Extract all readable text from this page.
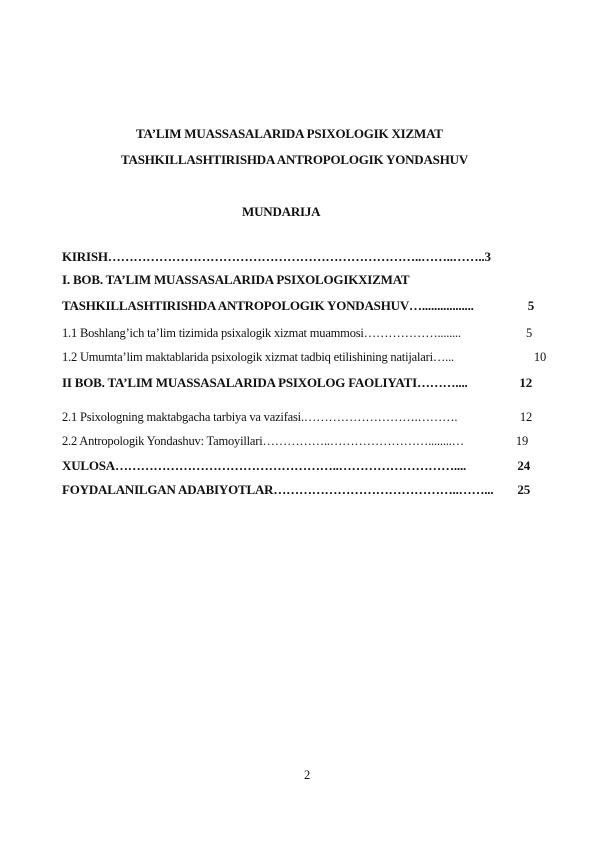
TA’LIM MUASSASALARIDA PSIXOLOGIK XIZMAT
TASHKILLASHTIRISHDA ANTROPOLOGIK YONDASHUV
MUNDARIJA
KIRISH ………………………………………………………………..……..……..3
I. BOB. TA’LIM MUASSASALARIDA PSIXOLOGIKXIZMAT
TASHKILLASHTIRISHDA ANTROPOLOGIK YONDASHUV ….................	5
1.1 Boshlang’ich ta’lim tizimida psixalogik xizmat muammosi ………………........	5
1.2 Umumta’lim maktablarida psixologik xizmat tadbiq etilishining natijalari …...	10
II BOB. TA’LIM MUASSASALARIDA PSIXOLOG FAOLIYATI ………....	12
2.1 Psixologning maktabgacha tarbiya va vazifasi. ……………………….……….	12
2.2 Antropologik Yondashuv: Tamoyillari ……………..……………………........…	19
XULOSA ……………………………………………..………………………....	24
FOYDALANILGAN ADABIYOTLAR ……………………………………..……...	25
2
